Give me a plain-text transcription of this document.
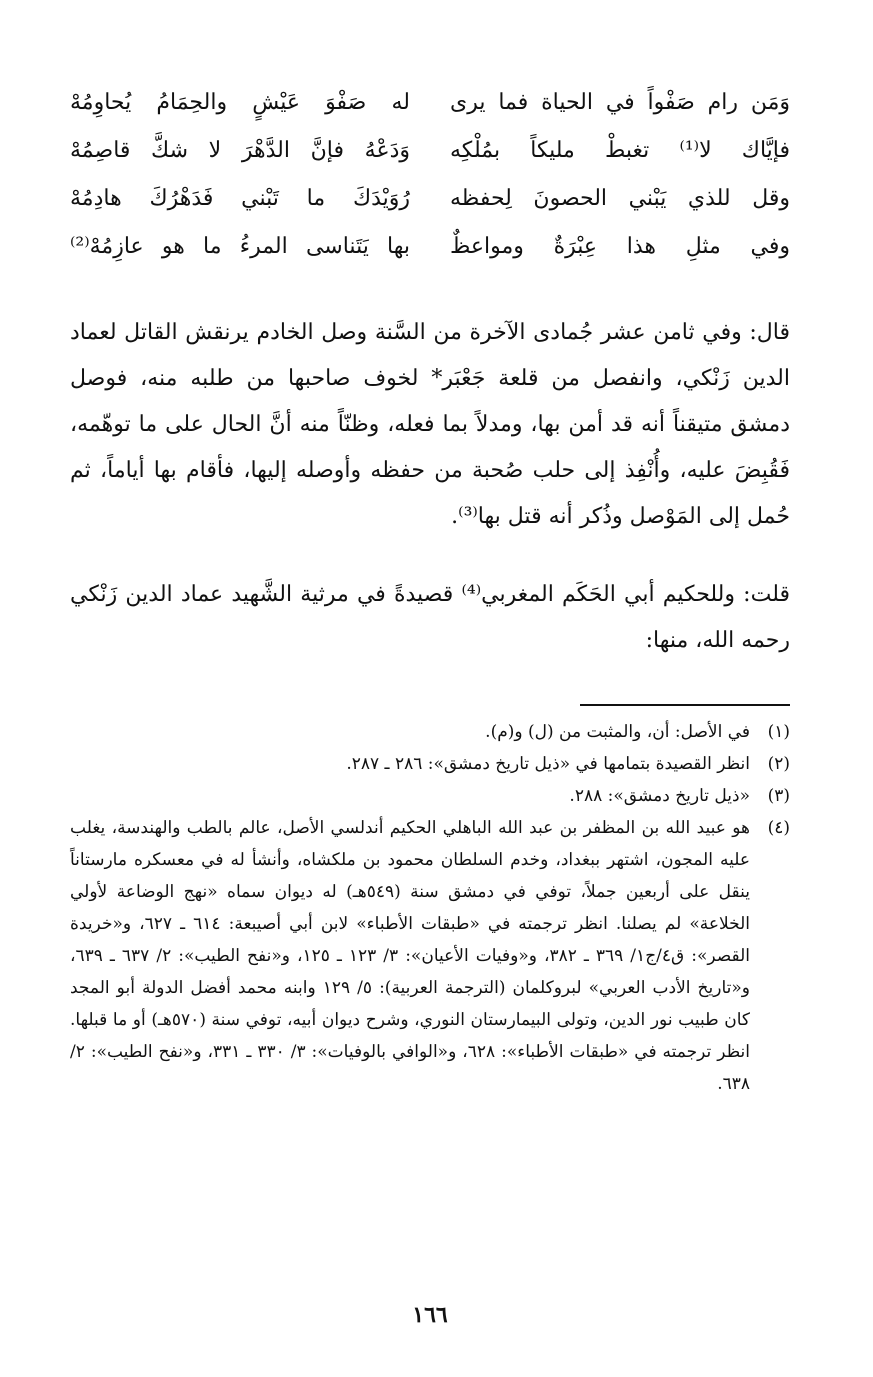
وَمَن رام صَفْواً في الحياة فما يرى
له صَفْوَ عَيْشٍ والحِمَامُ يُحاوِمُهْ
فإيَّاك لا⁽¹⁾ تغبطْ مليكاً بمُلْكِه
وَدَعْهُ فإنَّ الدَّهْرَ لا شكَّ قاصِمُهْ
وقل للذي يَبْني الحصونَ لِحفظه
رُوَيْدَكَ ما تَبْني فَدَهْرُكَ هادِمُهْ
وفي مثلِ هذا عِبْرَةٌ ومواعظٌ
بها يَتَناسى المرءُ ما هو عازِمُهْ⁽²⁾

قال: وفي ثامن عشر جُمادى الآخرة من السَّنة وصل الخادم يرنقش القاتل لعماد الدين زَنْكي، وانفصل من قلعة جَعْبَر* لخوف صاحبها من طلبه منه، فوصل دمشق متيقناً أنه قد أمن بها، ومدلاً بما فعله، وظنّاً منه أنَّ الحال على ما توهّمه، فَقُبِضَ عليه، وأُنْفِذ إلى حلب صُحبة من حفظه وأوصله إليها، فأقام بها أياماً، ثم حُمل إلى المَوْصل وذُكر أنه قتل بها⁽³⁾.

قلت: وللحكيم أبي الحَكَم المغربي⁽⁴⁾ قصيدةً في مرثية الشَّهيد عماد الدين زَنْكي رحمه الله، منها:

(١)
في الأصل: أن، والمثبت من (ل) و(م).
(٢)
انظر القصيدة بتمامها في «ذيل تاريخ دمشق»: ٢٨٦ ـ ٢٨٧.
(٣)
«ذيل تاريخ دمشق»: ٢٨٨.
(٤)
هو عبيد الله بن المظفر بن عبد الله الباهلي الحكيم أندلسي الأصل، عالم بالطب والهندسة، يغلب عليه المجون، اشتهر ببغداد، وخدم السلطان محمود بن ملكشاه، وأنشأ له في معسكره مارستاناً ينقل على أربعين جملاً، توفي في دمشق سنة (٥٤٩هـ) له ديوان سماه «نهج الوضاعة لأولي الخلاعة» لم يصلنا. انظر ترجمته في «طبقات الأطباء» لابن أبي أصيبعة: ٦١٤ ـ ٦٢٧، و«خريدة القصر»: ق٤/ج١/ ٣٦٩ ـ ٣٨٢، و«وفيات الأعيان»: ٣/ ١٢٣ ـ ١٢٥، و«نفح الطيب»: ٢/ ٦٣٧ ـ ٦٣٩، و«تاريخ الأدب العربي» لبروكلمان (الترجمة العربية): ٥/ ١٢٩ وابنه محمد أفضل الدولة أبو المجد كان طبيب نور الدين، وتولى البيمارستان النوري، وشرح ديوان أبيه، توفي سنة (٥٧٠هـ) أو ما قبلها. انظر ترجمته في «طبقات الأطباء»: ٦٢٨، و«الوافي بالوفيات»: ٣/ ٣٣٠ ـ ٣٣١، و«نفح الطيب»: ٢/ ٦٣٨.
١٦٦
